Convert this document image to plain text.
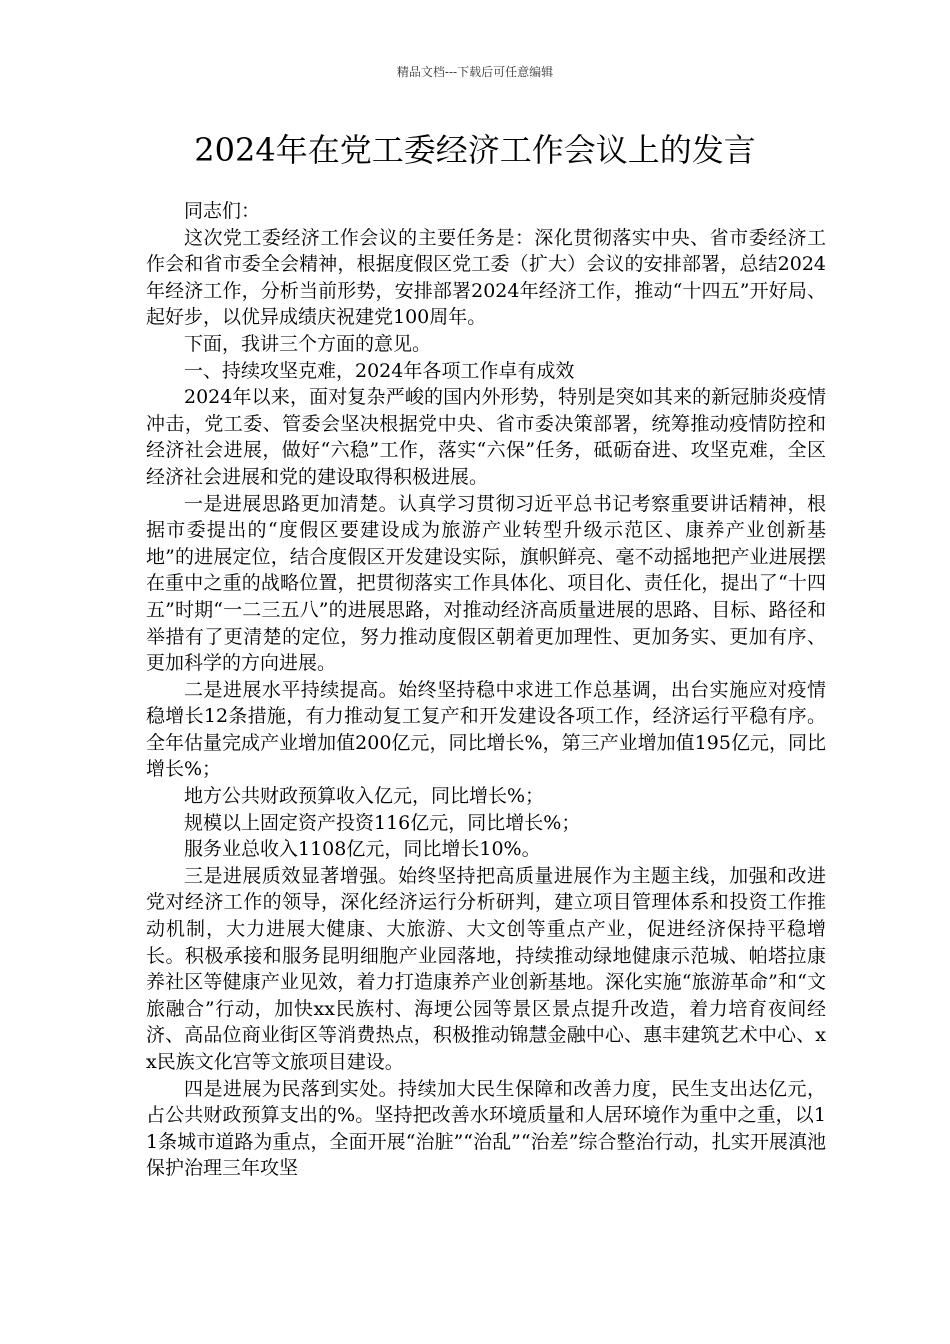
精品文档---下载后可任意编辑
2024年在党工委经济工作会议上的发言

同志们：

这次党工委经济工作会议的主要任务是：深化贯彻落实中央、省市委经济工作会和省市委全会精神，根据度假区党工委（扩大）会议的安排部署，总结2024年经济工作，分析当前形势，安排部署2024年经济工作，推动“十四五”开好局、起好步，以优异成绩庆祝建党100周年。

下面，我讲三个方面的意见。

一、持续攻坚克难，2024年各项工作卓有成效

2024年以来，面对复杂严峻的国内外形势，特别是突如其来的新冠肺炎疫情冲击，党工委、管委会坚决根据党中央、省市委决策部署，统筹推动疫情防控和经济社会进展，做好“六稳”工作，落实“六保”任务，砥砺奋进、攻坚克难，全区经济社会进展和党的建设取得积极进展。

一是进展思路更加清楚。认真学习贯彻习近平总书记考察重要讲话精神，根据市委提出的“度假区要建设成为旅游产业转型升级示范区、康养产业创新基地”的进展定位，结合度假区开发建设实际，旗帜鲜亮、毫不动摇地把产业进展摆在重中之重的战略位置，把贯彻落实工作具体化、项目化、责任化，提出了“十四五”时期“一二三五八”的进展思路，对推动经济高质量进展的思路、目标、路径和举措有了更清楚的定位，努力推动度假区朝着更加理性、更加务实、更加有序、更加科学的方向进展。

二是进展水平持续提高。始终坚持稳中求进工作总基调，出台实施应对疫情稳增长12条措施，有力推动复工复产和开发建设各项工作，经济运行平稳有序。全年估量完成产业增加值200亿元，同比增长%，第三产业增加值195亿元，同比增长%；

地方公共财政预算收入亿元，同比增长%；

规模以上固定资产投资116亿元，同比增长%；

服务业总收入1108亿元，同比增长10%。

三是进展质效显著增强。始终坚持把高质量进展作为主题主线，加强和改进党对经济工作的领导，深化经济运行分析研判，建立项目管理体系和投资工作推动机制，大力进展大健康、大旅游、大文创等重点产业，促进经济保持平稳增长。积极承接和服务昆明细胞产业园落地，持续推动绿地健康示范城、帕塔拉康养社区等健康产业见效，着力打造康养产业创新基地。深化实施“旅游革命”和“文旅融合”行动，加快xx民族村、海埂公园等景区景点提升改造，着力培育夜间经济、高品位商业街区等消费热点，积极推动锦慧金融中心、惠丰建筑艺术中心、xx民族文化宫等文旅项目建设。

四是进展为民落到实处。持续加大民生保障和改善力度，民生支出达亿元，占公共财政预算支出的%。坚持把改善水环境质量和人居环境作为重中之重，以11条城市道路为重点，全面开展“治脏”“治乱”“治差”综合整治行动，扎实开展滇池保护治理三年攻坚
